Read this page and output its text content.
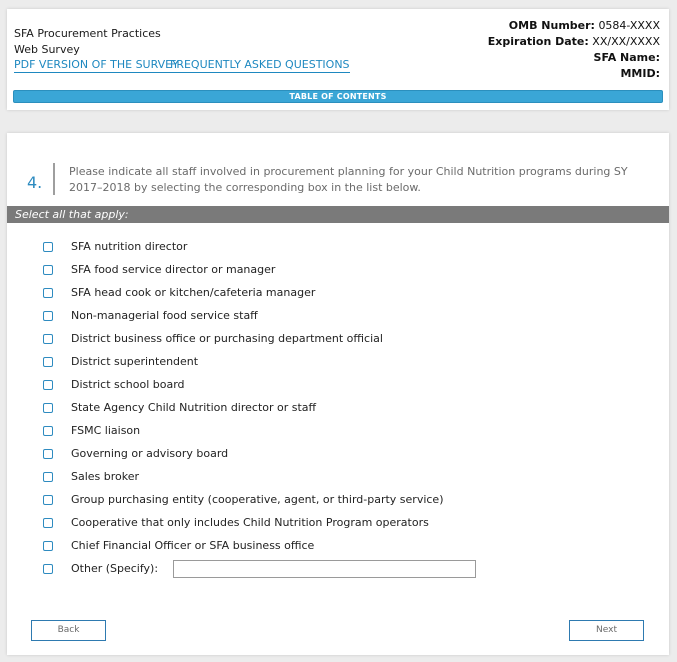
SFA Procurement Practices
Web Survey
PDF VERSION OF THE SURVEY
FREQUENTLY ASKED QUESTIONS
OMB Number: 0584-XXXX
Expiration Date: XX/XX/XXXX
SFA Name:
MMID:
TABLE OF CONTENTS
4.
Please indicate all staff involved in procurement planning for your Child Nutrition programs during SY 2017–2018 by selecting the corresponding box in the list below.
Select all that apply:
SFA nutrition director
SFA food service director or manager
SFA head cook or kitchen/cafeteria manager
Non-managerial food service staff
District business office or purchasing department official
District superintendent
District school board
State Agency Child Nutrition director or staff
FSMC liaison
Governing or advisory board
Sales broker
Group purchasing entity (cooperative, agent, or third-party service)
Cooperative that only includes Child Nutrition Program operators
Chief Financial Officer or SFA business office
Other (Specify):
Back	Next
